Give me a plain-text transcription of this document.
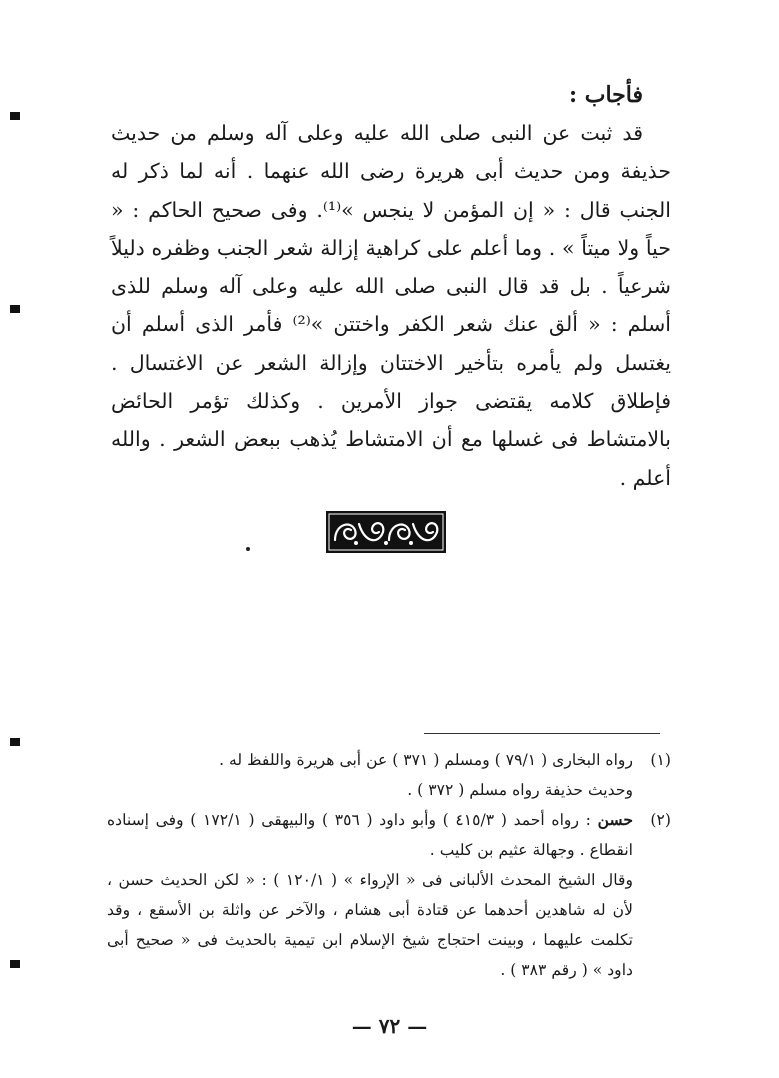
فأجاب :

قد ثبت عن النبى صلى الله عليه وعلى آله وسلم من حديث حذيفة ومن حديث أبى هريرة رضى الله عنهما . أنه لما ذكر له الجنب قال : « إن المؤمن لا ينجس »⁽¹⁾. وفى صحيح الحاكم : « حياً ولا ميتاً » . وما أعلم على كراهية إزالة شعر الجنب وظفره دليلاً شرعياً . بل قد قال النبى صلى الله عليه وعلى آله وسلم للذى أسلم : « ألق عنك شعر الكفر واختتن »⁽²⁾ فأمر الذى أسلم أن يغتسل ولم يأمره بتأخير الاختتان وإزالة الشعر عن الاغتسال . فإطلاق كلامه يقتضى جواز الأمرين . وكذلك تؤمر الحائض بالامتشاط فى غسلها مع أن الامتشاط يُذهب ببعض الشعر . والله أعلم .

(١)

رواه البخارى ( ٧٩/١ ) ومسلم ( ٣٧١ ) عن أبى هريرة واللفظ له .

وحديث حذيفة رواه مسلم ( ٣٧٢ ) .

(٢)

حسن : رواه أحمد ( ٤١٥/٣ ) وأبو داود ( ٣٥٦ ) والبيهقى ( ١٧٢/١ ) وفى إسناده انقطاع . وجهالة عثيم بن كليب .

وقال الشيخ المحدث الألبانى فى « الإرواء » ( ١٢٠/١ ) : « لكن الحديث حسن ، لأن له شاهدين أحدهما عن قتادة أبى هشام ، والآخر عن واثلة بن الأسقع ، وقد تكلمت عليهما ، وبينت احتجاج شيخ الإسلام ابن تيمية بالحديث فى « صحيح أبى داود » ( رقم ٣٨٣ ) .

— ٧٢ —
